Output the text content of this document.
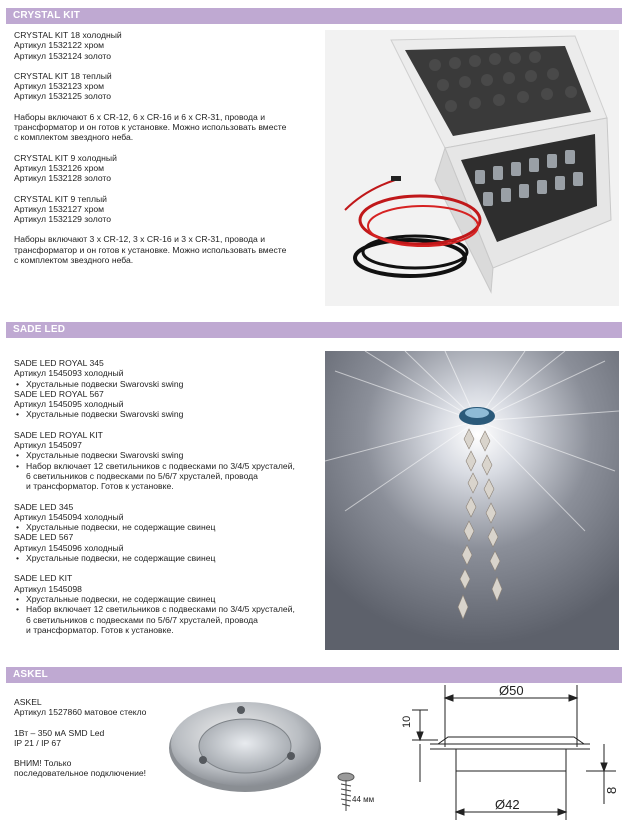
CRYSTAL KIT

CRYSTAL KIT 18 холодный

Артикул 1532122 хром

Артикул 1532124 золото

CRYSTAL KIT 18 теплый

Артикул 1532123 хром

Артикул 1532125 золото

Наборы включают 6 х CR-12, 6 х CR-16 и 6 х CR-31, провода и

трансформатор и он готов к установке. Можно использовать вместе

с комплектом звездного неба.

CRYSTAL KIT 9 холодный

Артикул 1532126 хром

Артикул 1532128 золото

CRYSTAL KIT 9 теплый

Артикул 1532127 хром

Артикул 1532129 золото

Наборы включают 3 х CR-12, 3 х CR-16 и 3 х CR-31, провода и

трансформатор и он готов к установке. Можно использовать вместе

с комплектом звездного неба.

SADE LED

SADE LED ROYAL 345

Артикул 1545093 холодный

• Хрустальные подвески Swarovski swing

SADE LED ROYAL 567

Артикул 1545095 холодный

• Хрустальные подвески Swarovski swing

SADE LED ROYAL KIT

Артикул 1545097

• Хрустальные подвески Swarovski swing
• Набор включает 12 светильников с подвесками по 3/4/5 хрусталей,

6 светильников с подвесками по 5/6/7 хрусталей, провода

и трансформатор. Готов к установке.

SADE LED 345

Артикул 1545094 холодный

• Хрустальные подвески, не содержащие свинец

SADE LED 567

Артикул 1545096 холодный

• Хрустальные подвески, не содержащие свинец

SADE LED KIT

Артикул 1545098

• Хрустальные подвески, не содержащие свинец
• Набор включает 12 светильников с подвесками по 3/4/5 хрусталей,

6 светильников с подвесками по 5/6/7 хрусталей, провода

и трансформатор. Готов к установке.

ASKEL

ASKEL

Артикул 1527860 матовое стекло

1Вт – 350 мА SMD Led

IP 21 / IP 67

ВНИМ! Только

последовательное подключение!

44 мм
Ø50
Ø42
10
8
